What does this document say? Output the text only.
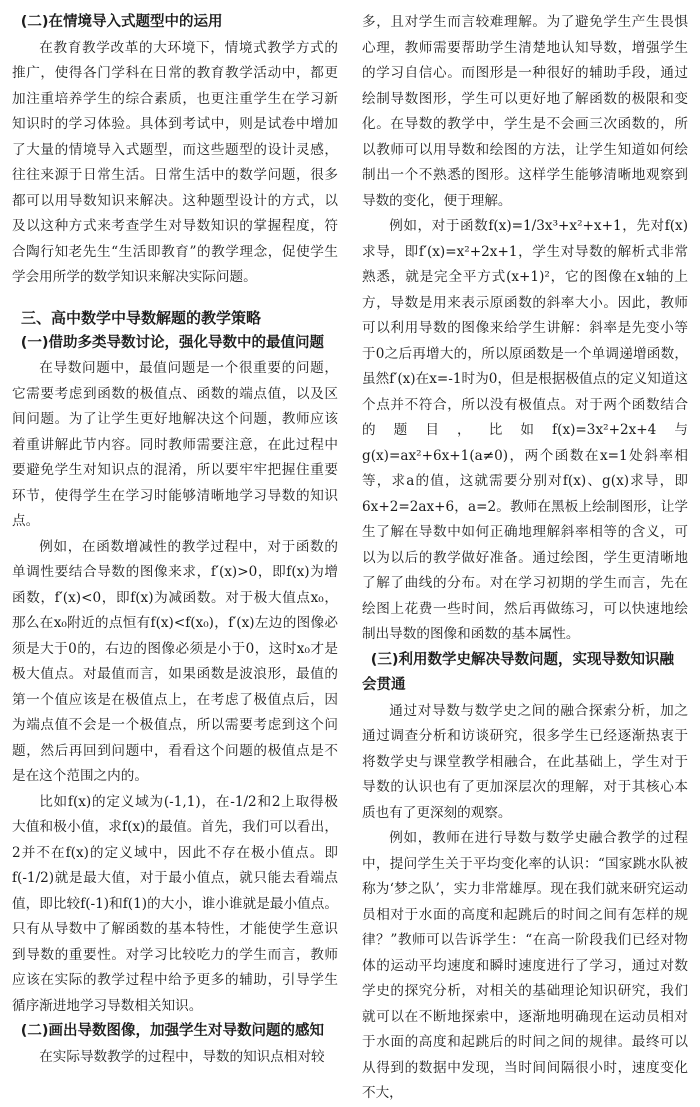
(二)在情境导入式题型中的运用

在教育教学改革的大环境下，情境式教学方式的推广，使得各门学科在日常的教育教学活动中，都更加注重培养学生的综合素质，也更注重学生在学习新知识时的学习体验。具体到考试中，则是试卷中增加了大量的情境导入式题型，而这些题型的设计灵感，往往来源于日常生活。日常生活中的数学问题，很多都可以用导数知识来解决。这种题型设计的方式，以及以这种方式来考查学生对导数知识的掌握程度，符合陶行知老先生“生活即教育”的教学理念，促使学生学会用所学的数学知识来解决实际问题。

三、高中数学中导数解题的教学策略
(一)借助多类导数讨论，强化导数中的最值问题

在导数问题中，最值问题是一个很重要的问题，它需要考虑到函数的极值点、函数的端点值，以及区间问题。为了让学生更好地解决这个问题，教师应该着重讲解此节内容。同时教师需要注意，在此过程中要避免学生对知识点的混淆，所以要牢牢把握住重要环节，使得学生在学习时能够清晰地学习导数的知识点。

例如，在函数增减性的教学过程中，对于函数的单调性要结合导数的图像来求，f′(x)>0，即f(x)为增函数，f′(x)<0，即f(x)为减函数。对于极大值点x₀，那么在x₀附近的点恒有f(x)<f(x₀)，f′(x)左边的图像必须是大于0的，右边的图像必须是小于0，这时x₀才是极大值点。对最值而言，如果函数是波浪形，最值的第一个值应该是在极值点上，在考虑了极值点后，因为端点值不会是一个极值点，所以需要考虑到这个问题，然后再回到问题中，看看这个问题的极值点是不是在这个范围之内的。

比如f(x)的定义域为(-1,1)，在-1/2和2上取得极大值和极小值，求f(x)的最值。首先，我们可以看出，2并不在f(x)的定义域中，因此不存在极小值点。即f(-1/2)就是最大值，对于最小值点，就只能去看端点值，即比较f(-1)和f(1)的大小，谁小谁就是最小值点。只有从导数中了解函数的基本特性，才能使学生意识到导数的重要性。对学习比较吃力的学生而言，教师应该在实际的教学过程中给予更多的辅助，引导学生循序渐进地学习导数相关知识。

(二)画出导数图像，加强学生对导数问题的感知

在实际导数教学的过程中，导数的知识点相对较

多，且对学生而言较难理解。为了避免学生产生畏惧心理，教师需要帮助学生清楚地认知导数，增强学生的学习自信心。而图形是一种很好的辅助手段，通过绘制导数图形，学生可以更好地了解函数的极限和变化。在导数的教学中，学生是不会画三次函数的，所以教师可以用导数和绘图的方法，让学生知道如何绘制出一个不熟悉的图形。这样学生能够清晰地观察到导数的变化，便于理解。

例如，对于函数f(x)=1/3x³+x²+x+1，先对f(x)求导，即f′(x)=x²+2x+1，学生对导数的解析式非常熟悉，就是完全平方式(x+1)²，它的图像在x轴的上方，导数是用来表示原函数的斜率大小。因此，教师可以利用导数的图像来给学生讲解：斜率是先变小等于0之后再增大的，所以原函数是一个单调递增函数，虽然f′(x)在x=-1时为0，但是根据极值点的定义知道这个点并不符合，所以没有极值点。对于两个函数结合的题目，比如f(x)=3x²+2x+4与g(x)=ax²+6x+1(a≠0)，两个函数在x=1处斜率相等，求a的值，这就需要分别对f(x)、g(x)求导，即6x+2=2ax+6，a=2。教师在黑板上绘制图形，让学生了解在导数中如何正确地理解斜率相等的含义，可以为以后的教学做好准备。通过绘图，学生更清晰地了解了曲线的分布。对在学习初期的学生而言，先在绘图上花费一些时间，然后再做练习，可以快速地绘制出导数的图像和函数的基本属性。

(三)利用数学史解决导数问题，实现导数知识融会贯通

通过对导数与数学史之间的融合探索分析，加之通过调查分析和访谈研究，很多学生已经逐渐热衷于将数学史与课堂教学相融合，在此基础上，学生对于导数的认识也有了更加深层次的理解，对于其核心本质也有了更深刻的观察。

例如，教师在进行导数与数学史融合教学的过程中，提问学生关于平均变化率的认识：“国家跳水队被称为‘梦之队’，实力非常雄厚。现在我们就来研究运动员相对于水面的高度和起跳后的时间之间有怎样的规律？”教师可以告诉学生：“在高一阶段我们已经对物体的运动平均速度和瞬时速度进行了学习，通过对数学史的探究分析，对相关的基础理论知识研究，我们就可以在不断地探索中，逐渐地明确现在运动员相对于水面的高度和起跳后的时间之间的规律。最终可以从得到的数据中发现，当时间间隔很小时，速度变化不大，
